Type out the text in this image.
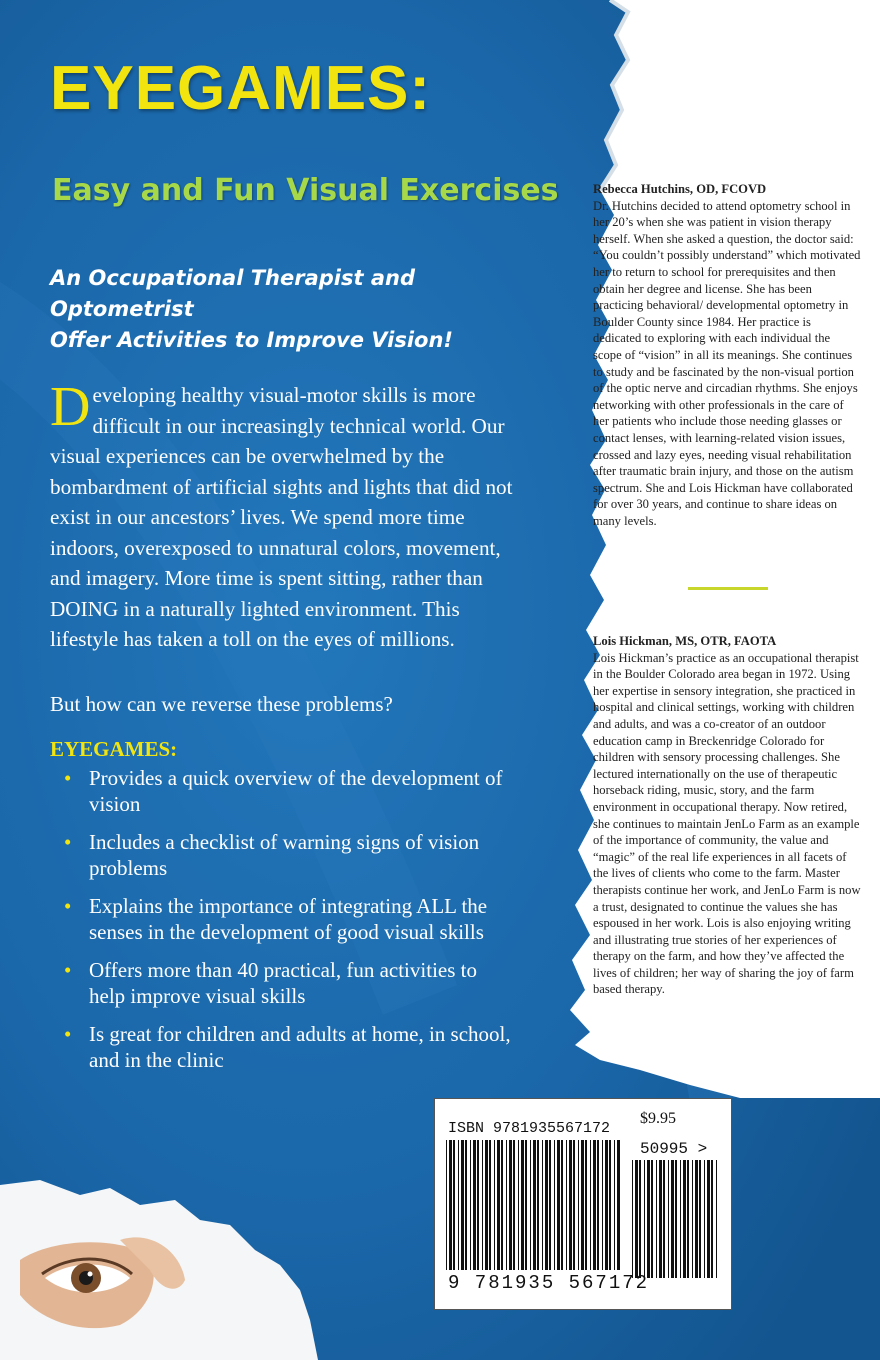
EYEGAMES:
Easy and Fun Visual Exercises
An Occupational Therapist and Optometrist
Offer Activities to Improve Vision!
Developing healthy visual-motor skills is more difficult in our increasingly technical world. Our visual experiences can be overwhelmed by the bombardment of artificial sights and lights that did not exist in our ancestors’ lives. We spend more time indoors, overexposed to unnatural colors, movement, and imagery. More time is spent sitting, rather than DOING in a naturally lighted environment. This lifestyle has taken a toll on the eyes of millions.
But how can we reverse these problems?
EYEGAMES:
• Provides a quick overview of the development of vision
• Includes a checklist of warning signs of vision problems
• Explains the importance of integrating ALL the senses in the development of good visual skills
• Offers more than 40 practical, fun activities to help improve visual skills
• Is great for children and adults at home, in school, and in the clinic
Rebecca Hutchins, OD, FCOVD
Dr. Hutchins decided to attend optometry school in her 20’s when she was patient in vision therapy herself. When she asked a question, the doctor said: “You couldn’t possibly understand” which motivated her to return to school for prerequisites and then obtain her degree and license. She has been practicing behavioral/ developmental optometry in Boulder County since 1984. Her practice is dedicated to exploring with each individual the scope of “vision” in all its meanings. She continues to study and be fascinated by the non-visual portion of the optic nerve and circadian rhythms. She enjoys networking with other professionals in the care of her patients who include those needing glasses or contact lenses, with learning-related vision issues, crossed and lazy eyes, needing visual rehabilitation after traumatic brain injury, and those on the autism spectrum. She and Lois Hickman have collaborated for over 30 years, and continue to share ideas on many levels.
Lois Hickman, MS, OTR, FAOTA
Lois Hickman’s practice as an occupational therapist in the Boulder Colorado area began in 1972. Using her expertise in sensory integration, she practiced in hospital and clinical settings, working with children and adults, and was a co-creator of an outdoor education camp in Breckenridge Colorado for children with sensory processing challenges. She lectured internationally on the use of therapeutic horseback riding, music, story, and the farm environment in occupational therapy. Now retired, she continues to maintain JenLo Farm as an example of the importance of community, the value and “magic” of the real life experiences in all facets of the lives of clients who come to the farm. Master therapists continue her work, and JenLo Farm is now a trust, designated to continue the values she has espoused in her work. Lois is also enjoying writing and illustrating true stories of her experiences of therapy on the farm, and how they’ve affected the lives of children; her way of sharing the joy of farm based therapy.
ISBN 9781935567172
$9.95
50995 >
9 781935 567172
